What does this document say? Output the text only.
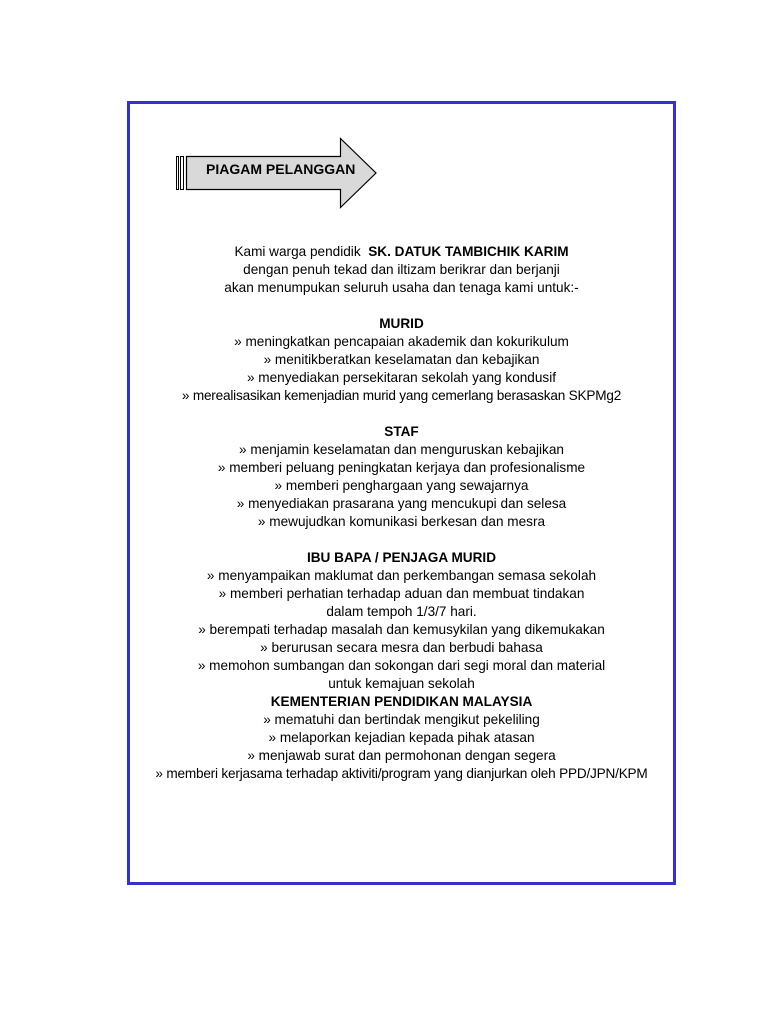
PIAGAM PELANGGAN
Kami warga pendidik SK. DATUK TAMBICHIK KARIM
dengan penuh tekad dan iltizam berikrar dan berjanji
akan menumpukan seluruh usaha dan tenaga kami untuk:-
MURID
» meningkatkan pencapaian akademik dan kokurikulum
» menitikberatkan keselamatan dan kebajikan
» menyediakan persekitaran sekolah yang kondusif
» merealisasikan kemenjadian murid yang cemerlang berasaskan SKPMg2
STAF
» menjamin keselamatan dan menguruskan kebajikan
» memberi peluang peningkatan kerjaya dan profesionalisme
» memberi penghargaan yang sewajarnya
» menyediakan prasarana yang mencukupi dan selesa
» mewujudkan komunikasi berkesan dan mesra
IBU BAPA / PENJAGA MURID
» menyampaikan maklumat dan perkembangan semasa sekolah
» memberi perhatian terhadap aduan dan membuat tindakan
dalam tempoh 1/3/7 hari.
» berempati terhadap masalah dan kemusykilan yang dikemukakan
» berurusan secara mesra dan berbudi bahasa
» memohon sumbangan dan sokongan dari segi moral dan material
untuk kemajuan sekolah
KEMENTERIAN PENDIDIKAN MALAYSIA
» mematuhi dan bertindak mengikut pekeliling
» melaporkan kejadian kepada pihak atasan
» menjawab surat dan permohonan dengan segera
» memberi kerjasama terhadap aktiviti/program yang dianjurkan oleh PPD/JPN/KPM
